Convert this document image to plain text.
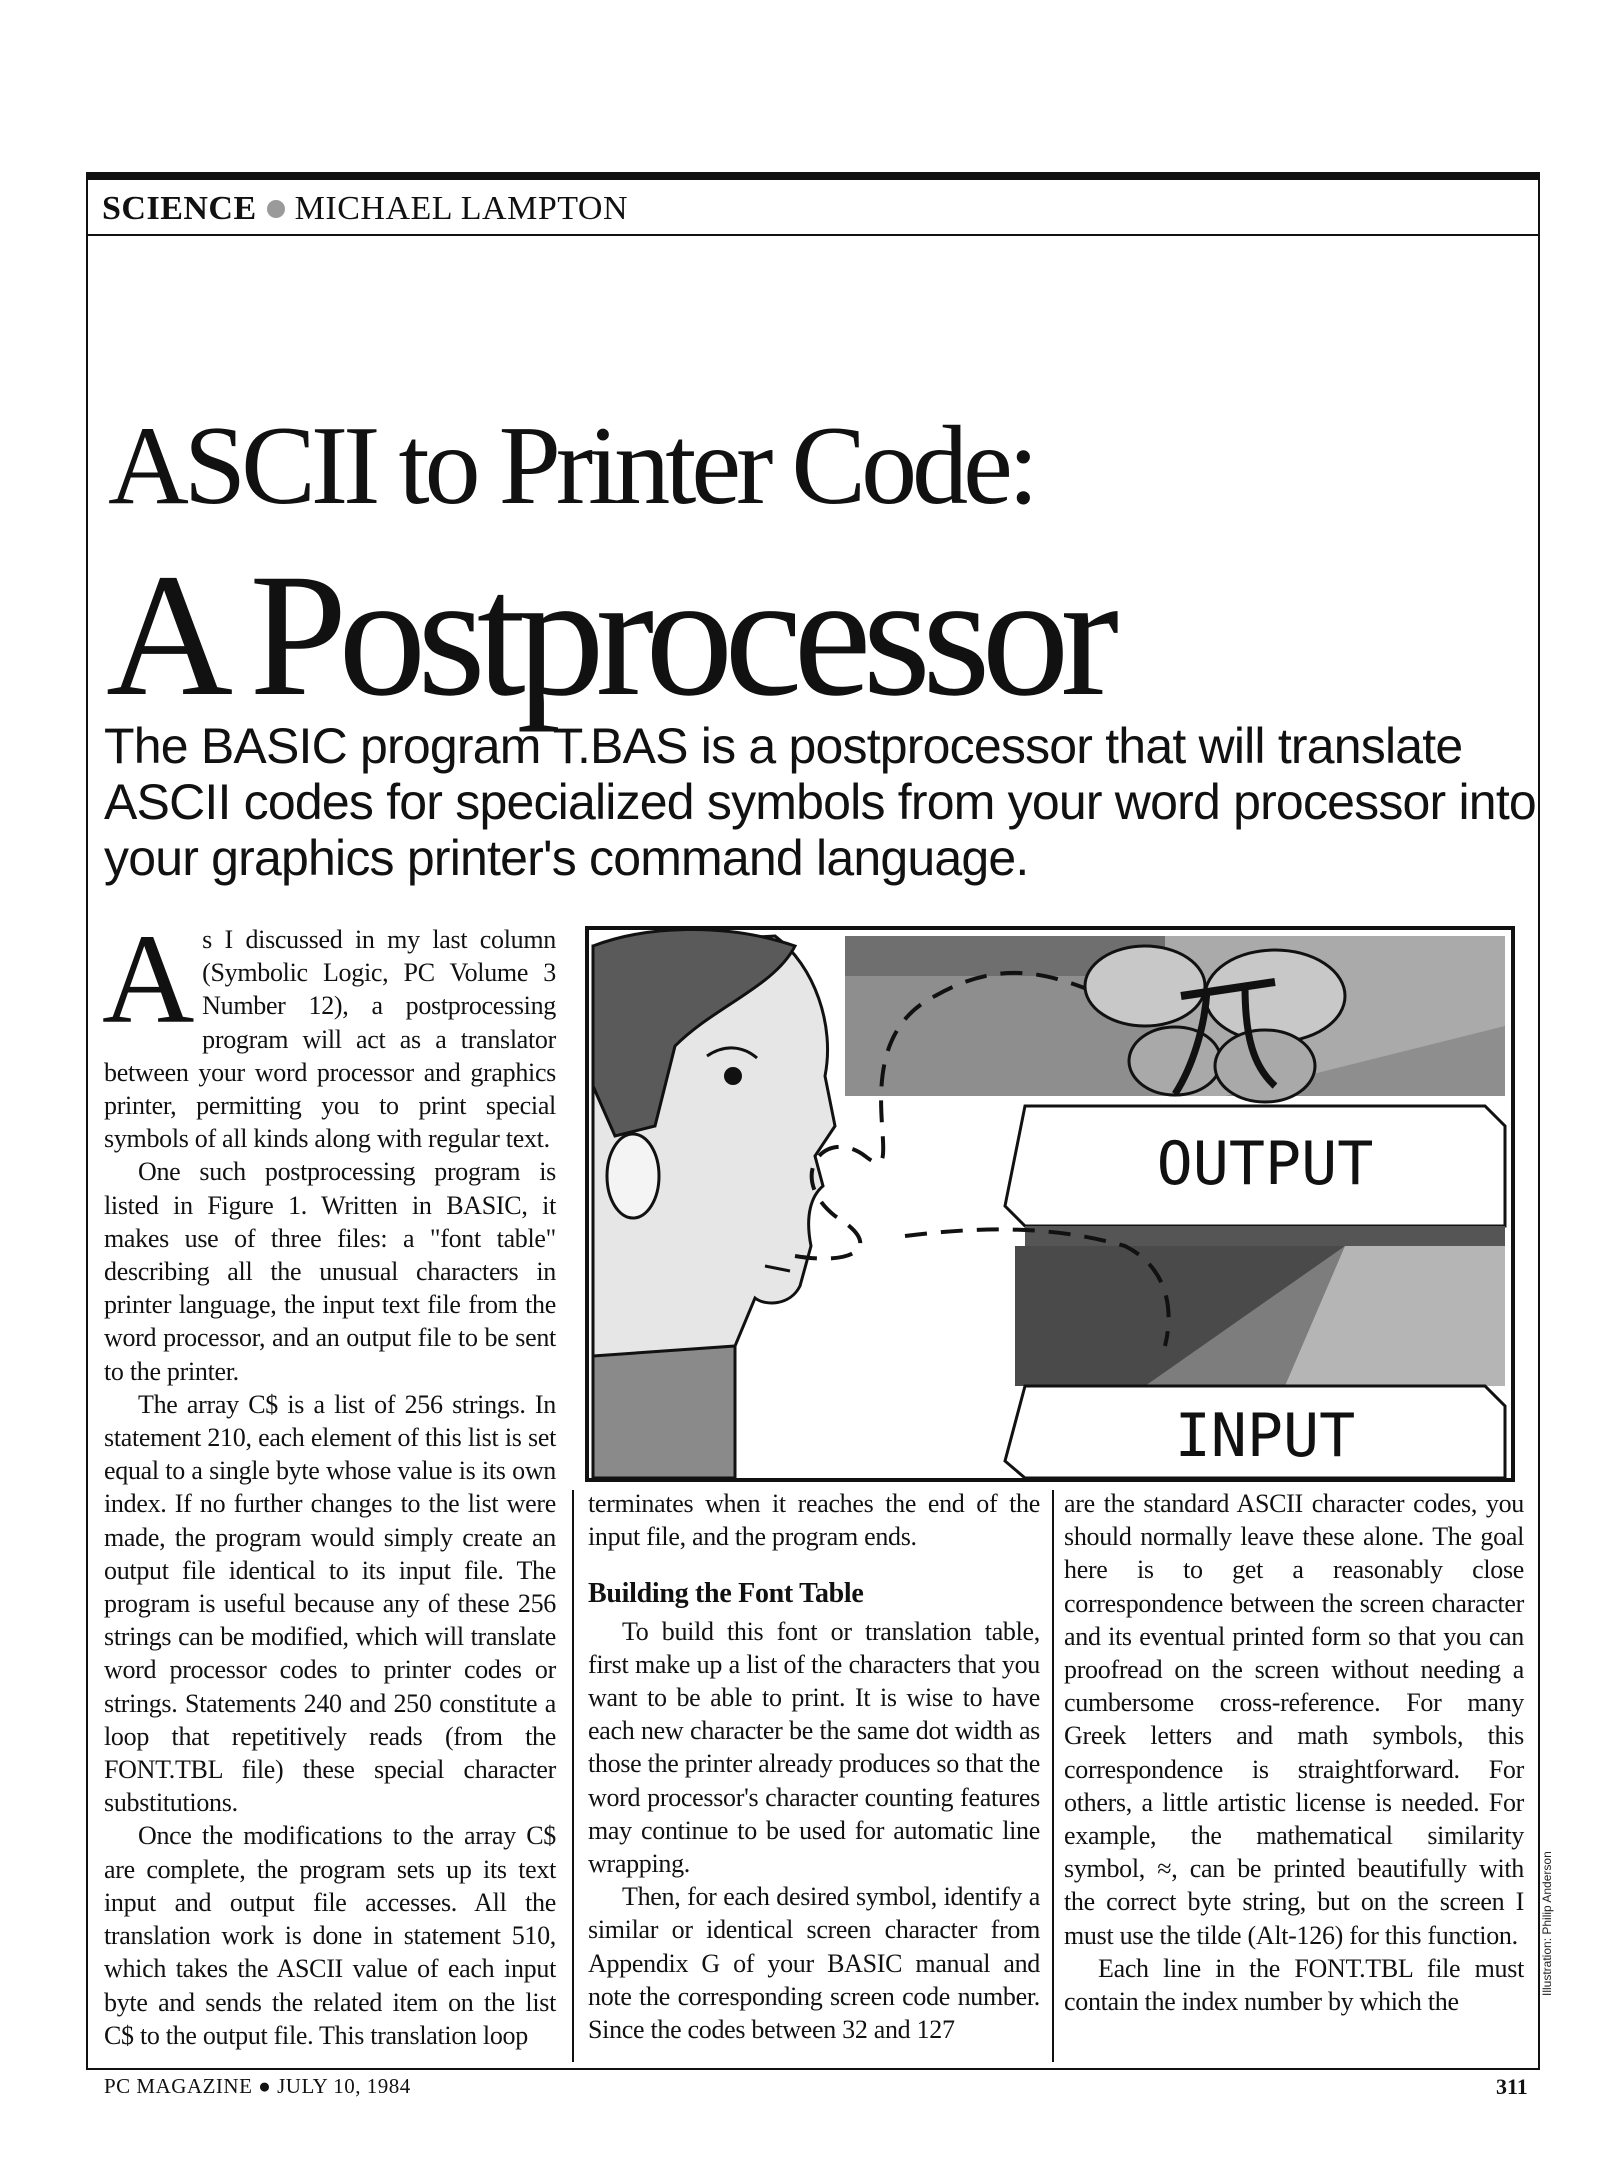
SCIENCE MICHAEL LAMPTON
ASCII to Printer Code:
A Postprocessor
The BASIC program T.BAS is a postprocessor that will translate ASCII codes for specialized symbols from your word processor into your graphics printer's command language.

A s I discussed in my last column (Symbolic Logic, PC Volume 3 Number 12), a postprocessing program will act as a translator between your word processor and graphics printer, permitting you to print special symbols of all kinds along with regular text.

One such postprocessing program is listed in Figure 1. Written in BASIC, it makes use of three files: a "font table" describing all the unusual characters in printer language, the input text file from the word processor, and an output file to be sent to the printer.

The array C$ is a list of 256 strings. In statement 210, each element of this list is set equal to a single byte whose value is its own index. If no further changes to the list were made, the program would simply create an output file identical to its input file. The program is useful because any of these 256 strings can be modified, which will translate word processor codes to printer codes or strings. Statements 240 and 250 constitute a loop that repetitively reads (from the FONT.TBL file) these special character substitutions.

Once the modifications to the array C$ are complete, the program sets up its text input and output file accesses. All the translation work is done in statement 510, which takes the ASCII value of each input byte and sends the related item on the list C$ to the output file. This translation loop

OUTPUT
INPUT

terminates when it reaches the end of the input file, and the program ends.

Building the Font Table

To build this font or translation table, first make up a list of the characters that you want to be able to print. It is wise to have each new character be the same dot width as those the printer already produces so that the word processor's character counting features may continue to be used for automatic line wrapping.

Then, for each desired symbol, identify a similar or identical screen character from Appendix G of your BASIC manual and note the corresponding screen code number. Since the codes between 32 and 127

are the standard ASCII character codes, you should normally leave these alone. The goal here is to get a reasonably close correspondence between the screen character and its eventual printed form so that you can proofread on the screen without needing a cumbersome cross-reference. For many Greek letters and math symbols, this correspondence is straightforward. For others, a little artistic license is needed. For example, the mathematical similarity symbol, ≈, can be printed beautifully with the correct byte string, but on the screen I must use the tilde (Alt-126) for this function.

Each line in the FONT.TBL file must contain the index number by which the

Illustration: Philip Anderson
PC MAGAZINE ● JULY 10, 1984	311
